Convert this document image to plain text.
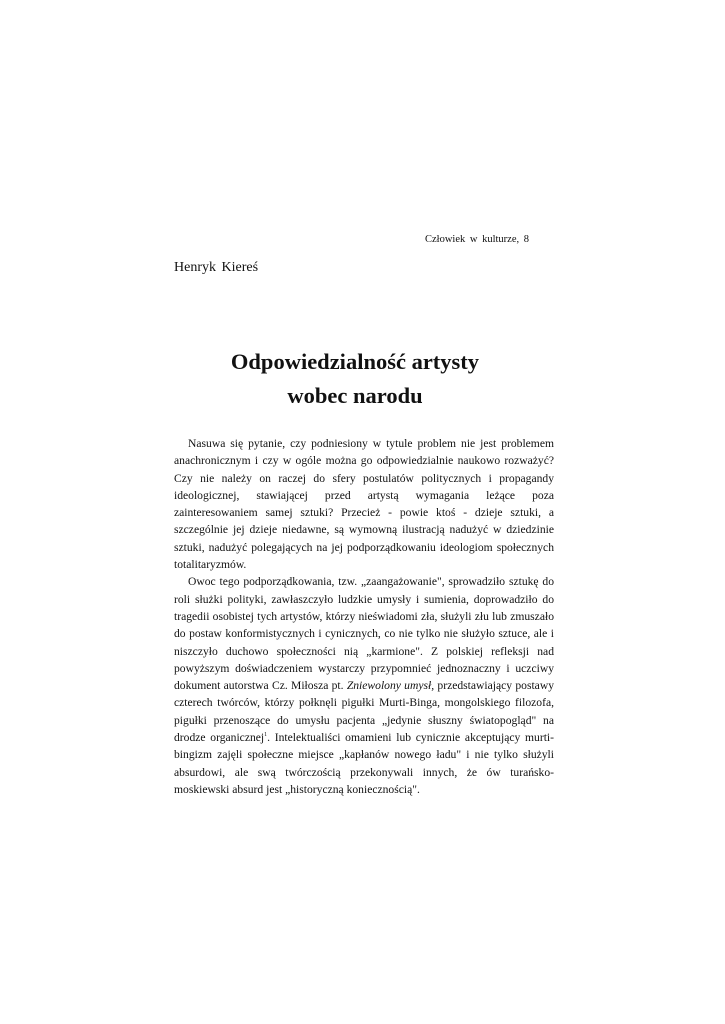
Człowiek w kulturze, 8
Henryk Kiereś
Odpowiedzialność artysty
wobec narodu

Nasuwa się pytanie, czy podniesiony w tytule problem nie jest problemem anachronicznym i czy w ogóle można go odpowiedzialnie naukowo rozważyć? Czy nie należy on raczej do sfery postulatów politycznych i propagandy ideologicznej, stawiającej przed artystą wymagania leżące poza zainteresowaniem samej sztuki? Przecież - powie ktoś - dzieje sztuki, a szczególnie jej dzieje niedawne, są wymowną ilustracją nadużyć w dziedzinie sztuki, nadużyć polegających na jej podporządkowaniu ideologiom społecznych totalitaryzmów.

Owoc tego podporządkowania, tzw. „zaangażowanie", sprowadziło sztukę do roli służki polityki, zawłaszczyło ludzkie umysły i sumienia, doprowadziło do tragedii osobistej tych artystów, którzy nieświadomi zła, służyli złu lub zmuszało do postaw konformistycznych i cynicznych, co nie tylko nie służyło sztuce, ale i niszczyło duchowo społeczności nią „karmione". Z polskiej refleksji nad powyższym doświadczeniem wystarczy przypomnieć jednoznaczny i uczciwy dokument autorstwa Cz. Miłosza pt. Zniewolony umysł, przedstawiający postawy czterech twórców, którzy połknęli pigułki Murti-Binga, mongolskiego filozofa, pigułki przenoszące do umysłu pacjenta „jedynie słuszny światopogląd" na drodze organicznej$^1$. Intelektualiści omamieni lub cynicznie akceptujący murti-bingizm zajęli społeczne miejsce „kapłanów nowego ładu" i nie tylko służyli absurdowi, ale swą twórczością przekonywali innych, że ów turańsko-moskiewski absurd jest „historyczną koniecznością".
